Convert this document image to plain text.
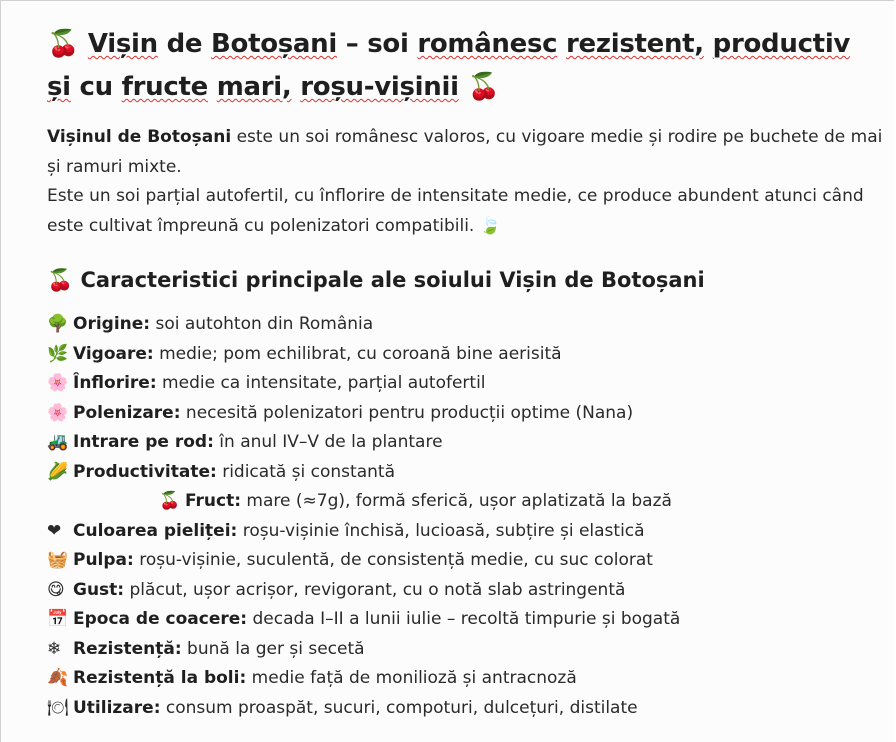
🍒 Vișin de Botoșani – soi românesc rezistent, productiv
și cu fructe mari, roșu-vișinii 🍒
Vișinul de Botoșani este un soi românesc valoros, cu vigoare medie și rodire pe buchete de mai și ramuri mixte.
Este un soi parțial autofertil, cu înflorire de intensitate medie, ce produce abundent atunci când este cultivat împreună cu polenizatori compatibili. 🍃
🍒 Caracteristici principale ale soiului Vișin de Botoșani
🌳 Origine: soi autohton din România
🌿 Vigoare: medie; pom echilibrat, cu coroană bine aerisită
🌸 Înflorire: medie ca intensitate, parțial autofertil
🌸 Polenizare: necesită polenizatori pentru producții optime (Nana)
🚜 Intrare pe rod: în anul IV–V de la plantare
🌽 Productivitate: ridicată și constantă
🍒 Fruct: mare (≈7g), formă sferică, ușor aplatizată la bază
❤ Culoarea pieliței: roșu-vișinie închisă, lucioasă, subțire și elastică
🧺 Pulpa: roșu-vișinie, suculentă, de consistență medie, cu suc colorat
😋 Gust: plăcut, ușor acrișor, revigorant, cu o notă slab astringentă
📅 Epoca de coacere: decada I–II a lunii iulie – recoltă timpurie și bogată
❄ Rezistență: bună la ger și secetă
🍂 Rezistență la boli: medie față de monilioză și antracnoză
🍽 Utilizare: consum proaspăt, sucuri, compoturi, dulcețuri, distilate
